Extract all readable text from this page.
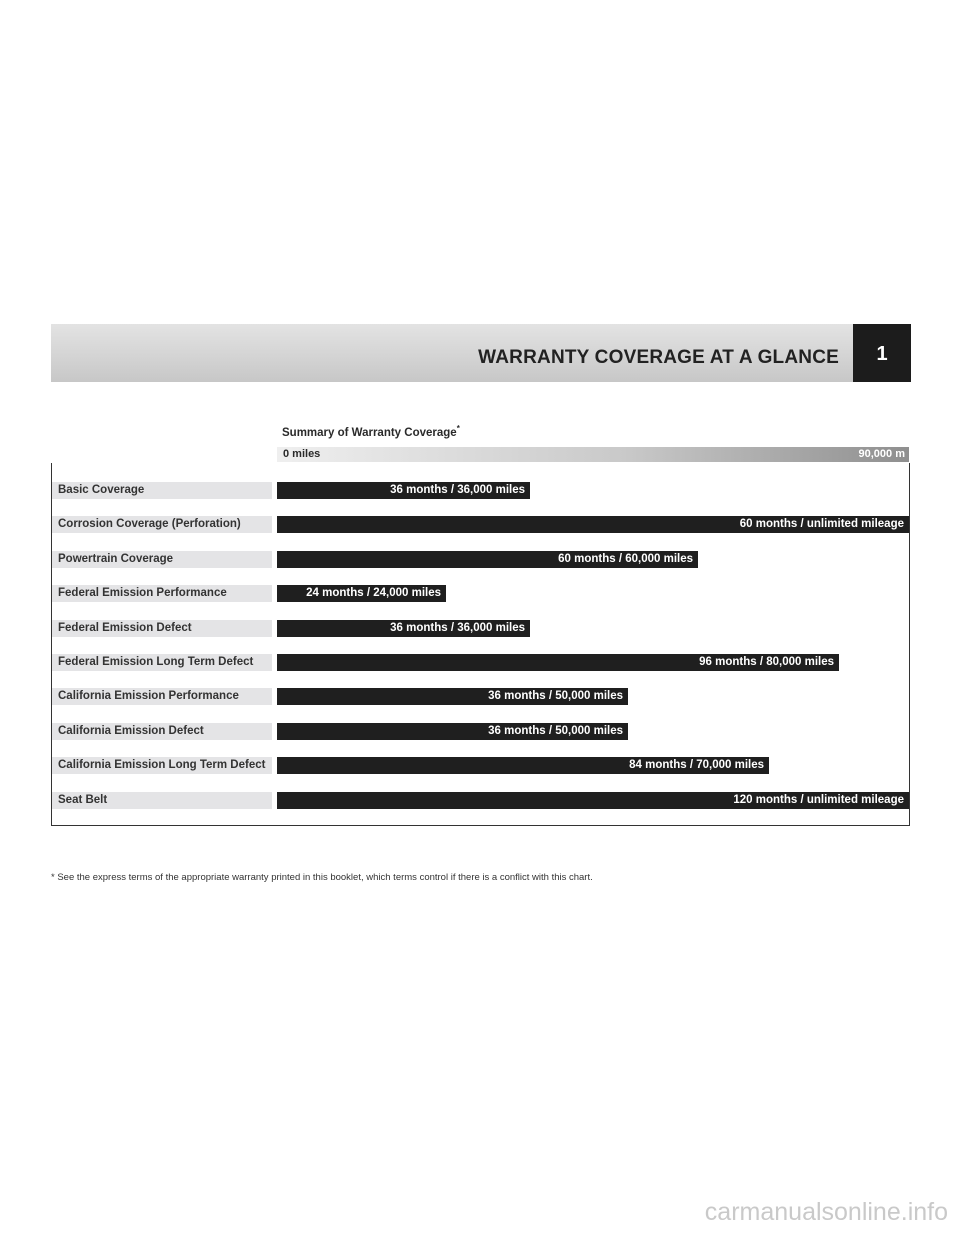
WARRANTY COVERAGE AT A GLANCE	1
Summary of Warranty Coverage*
0 miles	90,000 m
Basic Coverage	36 months / 36,000 miles
Corrosion Coverage (Perforation)	60 months / unlimited mileage
Powertrain Coverage	60 months / 60,000 miles
Federal Emission Performance	24 months / 24,000 miles
Federal Emission Defect	36 months / 36,000 miles
Federal Emission Long Term Defect	96 months / 80,000 miles
California Emission Performance	36 months / 50,000 miles
California Emission Defect	36 months / 50,000 miles
California Emission Long Term Defect	84 months / 70,000 miles
Seat Belt	120 months / unlimited mileage
* See the express terms of the appropriate warranty printed in this booklet, which terms control if there is a conflict with this chart.
carmanualsonline.info
